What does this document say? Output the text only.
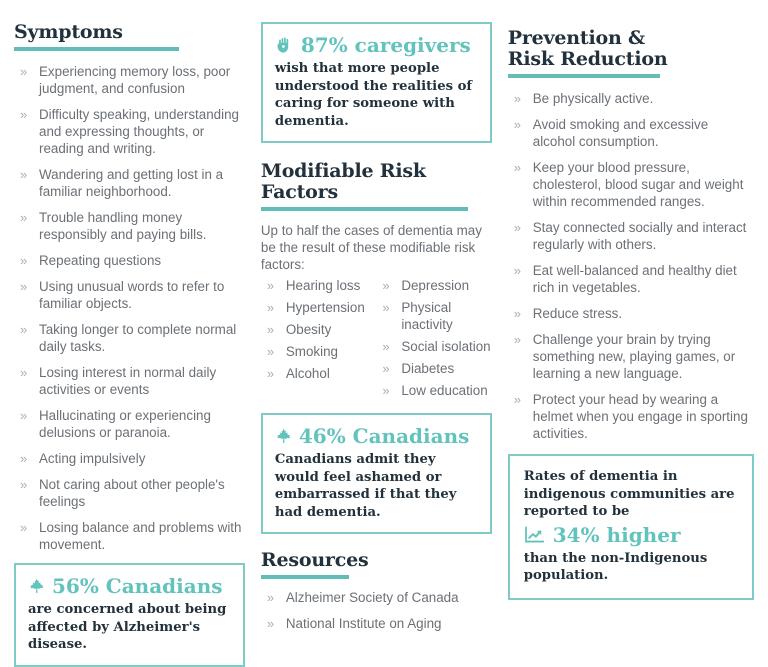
Symptoms
» Experiencing memory loss, poor judgment, and confusion
» Difficulty speaking, understanding and expressing thoughts, or reading and writing.
» Wandering and getting lost in a familiar neighborhood.
» Trouble handling money responsibly and paying bills.
» Repeating questions
» Using unusual words to refer to familiar objects.
» Taking longer to complete normal daily tasks.
» Losing interest in normal daily activities or events
» Hallucinating or experiencing delusions or paranoia.
» Acting impulsively
» Not caring about other people's feelings
» Losing balance and problems with movement.
56% Canadians
are concerned about being affected by Alzheimer's disease.
87% caregivers
wish that more people understood the realities of caring for someone with dementia.
Modifiable Risk Factors

Up to half the cases of dementia may be the result of these modifiable risk factors:

» Hearing loss
» Hypertension
» Obesity
» Smoking
» Alcohol
» Depression
» Physical inactivity
» Social isolation
» Diabetes
» Low education
46% Canadians
Canadians admit they would feel ashamed or embarrassed if that they had dementia.
Resources
» Alzheimer Society of Canada
» National Institute on Aging
Prevention &
Risk Reduction
» Be physically active.
» Avoid smoking and excessive alcohol consumption.
» Keep your blood pressure, cholesterol, blood sugar and weight within recommended ranges.
» Stay connected socially and interact regularly with others.
» Eat well-balanced and healthy diet rich in vegetables.
» Reduce stress.
» Challenge your brain by trying something new, playing games, or learning a new language.
» Protect your head by wearing a helmet when you engage in sporting activities.
Rates of dementia in indigenous communities are reported to be
34% higher
than the non-Indigenous population.
